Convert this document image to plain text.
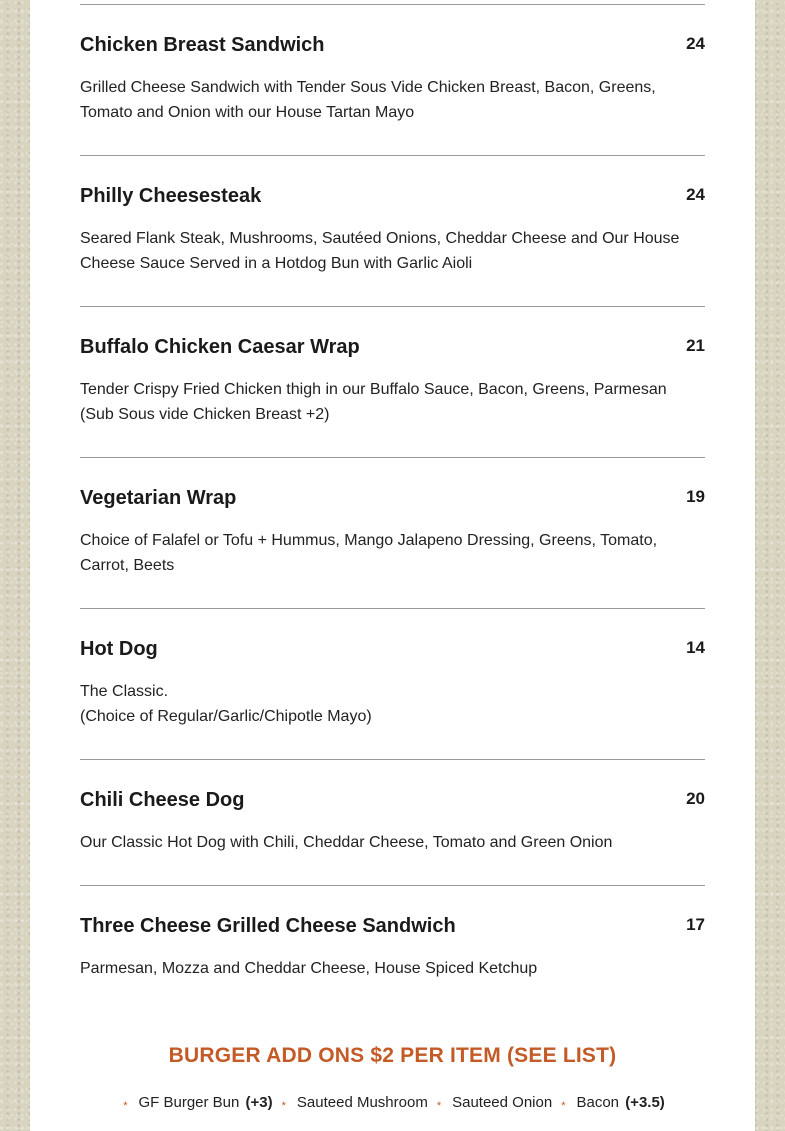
Chicken Breast Sandwich	24
Grilled Cheese Sandwich with Tender Sous Vide Chicken Breast, Bacon, Greens,
Tomato and Onion with our House Tartan Mayo
Philly Cheesesteak	24
Seared Flank Steak, Mushrooms, Sautéed Onions, Cheddar Cheese and Our House
Cheese Sauce Served in a Hotdog Bun with Garlic Aioli
Buffalo Chicken Caesar Wrap	21
Tender Crispy Fried Chicken thigh in our Buffalo Sauce, Bacon, Greens, Parmesan
(Sub Sous vide Chicken Breast +2)
Vegetarian Wrap	19
Choice of Falafel or Tofu + Hummus, Mango Jalapeno Dressing, Greens, Tomato,
Carrot, Beets
Hot Dog	14
The Classic.
(Choice of Regular/Garlic/Chipotle Mayo)
Chili Cheese Dog	20
Our Classic Hot Dog with Chili, Cheddar Cheese, Tomato and Green Onion
Three Cheese Grilled Cheese Sandwich	17
Parmesan, Mozza and Cheddar Cheese, House Spiced Ketchup
BURGER ADD ONS $2 PER ITEM (SEE LIST)
* GF Burger Bun (+3) * Sauteed Mushroom * Sauteed Onion * Bacon (+3.5)
